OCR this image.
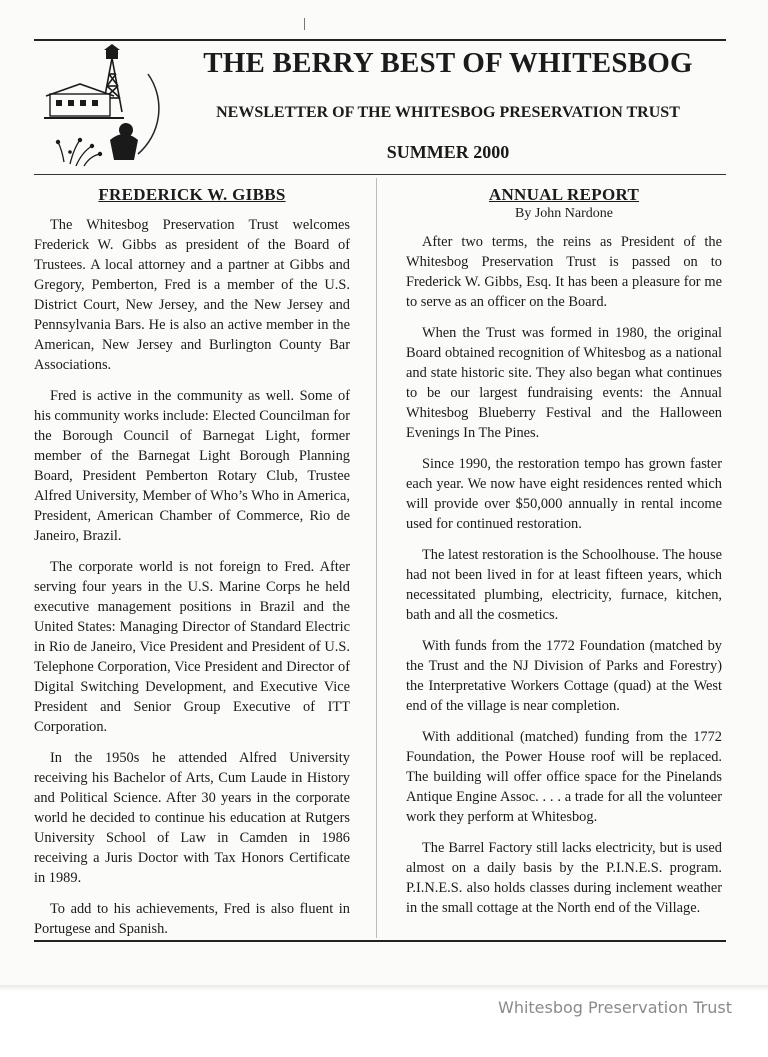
THE BERRY BEST OF WHITESBOG
NEWSLETTER OF THE WHITESBOG PRESERVATION TRUST
SUMMER 2000
FREDERICK W. GIBBS

The Whitesbog Preservation Trust welcomes Frederick W. Gibbs as president of the Board of Trustees. A local attorney and a partner at Gibbs and Gregory, Pemberton, Fred is a member of the U.S. District Court, New Jersey, and the New Jersey and Pennsylvania Bars. He is also an active member in the American, New Jersey and Burlington County Bar Associations.

Fred is active in the community as well. Some of his community works include: Elected Councilman for the Borough Council of Barnegat Light, former member of the Barnegat Light Borough Planning Board, President Pemberton Rotary Club, Trustee Alfred University, Member of Who’s Who in America, President, American Chamber of Commerce, Rio de Janeiro, Brazil.

The corporate world is not foreign to Fred. After serving four years in the U.S. Marine Corps he held executive management positions in Brazil and the United States: Managing Director of Standard Electric in Rio de Janeiro, Vice President and President of U.S. Telephone Corporation, Vice President and Director of Digital Switching Development, and Executive Vice President and Senior Group Executive of ITT Corporation.

In the 1950s he attended Alfred University receiving his Bachelor of Arts, Cum Laude in History and Political Science. After 30 years in the corporate world he decided to continue his education at Rutgers University School of Law in Camden in 1986 receiving a Juris Doctor with Tax Honors Certificate in 1989.

To add to his achievements, Fred is also fluent in Portugese and Spanish.

ANNUAL REPORT
By John Nardone

After two terms, the reins as President of the Whitesbog Preservation Trust is passed on to Frederick W. Gibbs, Esq. It has been a pleasure for me to serve as an officer on the Board.

When the Trust was formed in 1980, the original Board obtained recognition of Whitesbog as a national and state historic site. They also began what continues to be our largest fundraising events: the Annual Whitesbog Blueberry Festival and the Halloween Evenings In The Pines.

Since 1990, the restoration tempo has grown faster each year. We now have eight residences rented which will provide over $50,000 annually in rental income used for continued restoration.

The latest restoration is the Schoolhouse. The house had not been lived in for at least fifteen years, which necessitated plumbing, electricity, furnace, kitchen, bath and all the cosmetics.

With funds from the 1772 Foundation (matched by the Trust and the NJ Division of Parks and Forestry) the Interpretative Workers Cottage (quad) at the West end of the village is near completion.

With additional (matched) funding from the 1772 Foundation, the Power House roof will be replaced. The building will offer office space for the Pinelands Antique Engine Assoc. . . . a trade for all the volunteer work they perform at Whitesbog.

The Barrel Factory still lacks electricity, but is used almost on a daily basis by the P.I.N.E.S. program. P.I.N.E.S. also holds classes during inclement weather in the small cottage at the North end of the Village.

Whitesbog Preservation Trust
